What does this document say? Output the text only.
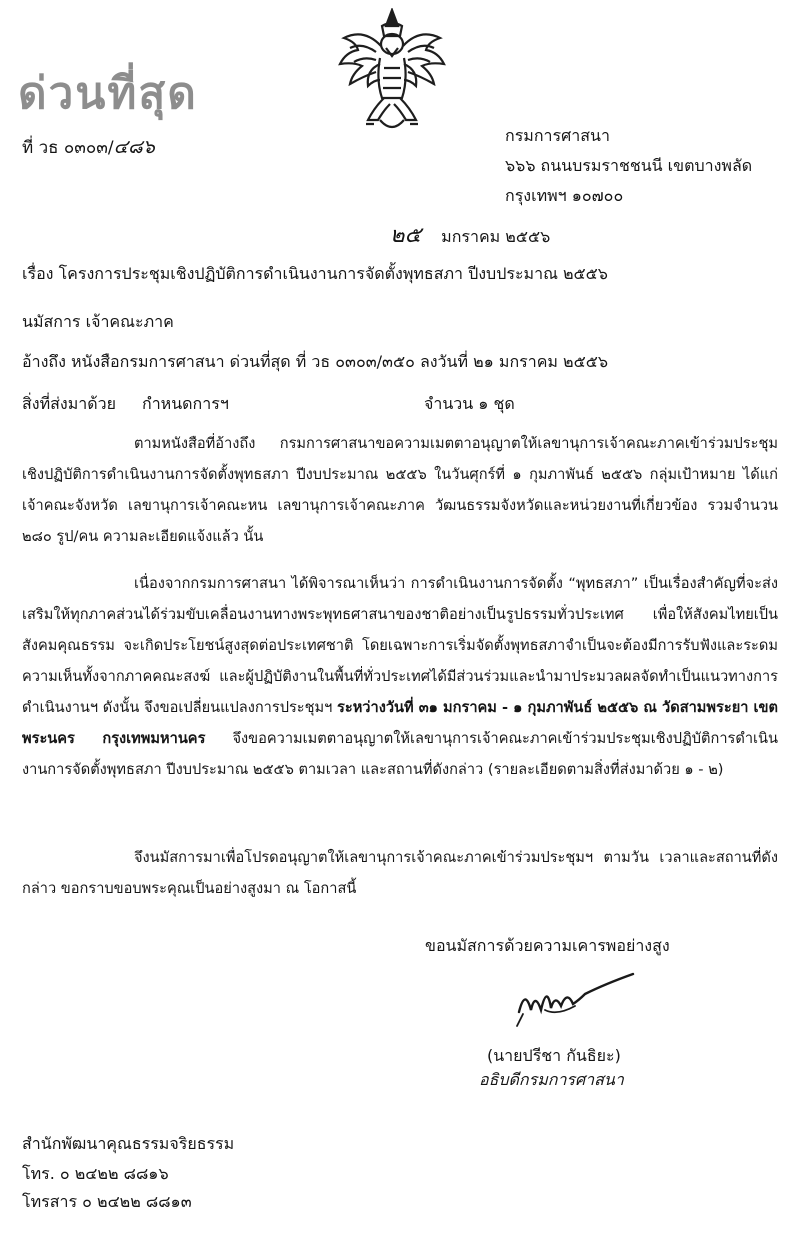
ด่วนที่สุด
ที่ วธ ๐๓๐๓/๔๘๖
กรมการศาสนา
๖๖๖ ถนนบรมราชชนนี เขตบางพลัด
กรุงเทพฯ ๑๐๗๐๐
๒๕ มกราคม ๒๕๕๖
เรื่อง โครงการประชุมเชิงปฏิบัติการดำเนินงานการจัดตั้งพุทธสภา ปีงบประมาณ ๒๕๕๖
นมัสการ เจ้าคณะภาค
อ้างถึง หนังสือกรมการศาสนา ด่วนที่สุด ที่ วธ ๐๓๐๓/๓๕๐ ลงวันที่ ๒๑ มกราคม ๒๕๕๖
สิ่งที่ส่งมาด้วย กำหนดการฯ	จำนวน ๑ ชุด

ตามหนังสือที่อ้างถึง กรมการศาสนาขอความเมตตาอนุญาตให้เลขานุการเจ้าคณะภาคเข้าร่วมประชุมเชิงปฏิบัติการดำเนินงานการจัดตั้งพุทธสภา ปีงบประมาณ ๒๕๕๖ ในวันศุกร์ที่ ๑ กุมภาพันธ์ ๒๕๕๖ กลุ่มเป้าหมาย ได้แก่ เจ้าคณะจังหวัด เลขานุการเจ้าคณะหน เลขานุการเจ้าคณะภาค วัฒนธรรมจังหวัดและหน่วยงานที่เกี่ยวข้อง รวมจำนวน ๒๘๐ รูป/คน ความละเอียดแจ้งแล้ว นั้น

เนื่องจากกรมการศาสนา ได้พิจารณาเห็นว่า การดำเนินงานการจัดตั้ง “พุทธสภา” เป็นเรื่องสำคัญที่จะส่งเสริมให้ทุกภาคส่วนได้ร่วมขับเคลื่อนงานทางพระพุทธศาสนาของชาติอย่างเป็นรูปธรรมทั่วประเทศ เพื่อให้สังคมไทยเป็นสังคมคุณธรรม จะเกิดประโยชน์สูงสุดต่อประเทศชาติ โดยเฉพาะการเริ่มจัดตั้งพุทธสภาจำเป็นจะต้องมีการรับฟังและระดมความเห็นทั้งจากภาคคณะสงฆ์ และผู้ปฏิบัติงานในพื้นที่ทั่วประเทศได้มีส่วนร่วมและนำมาประมวลผลจัดทำเป็นแนวทางการดำเนินงานฯ ดังนั้น จึงขอเปลี่ยนแปลงการประชุมฯ ระหว่างวันที่ ๓๑ มกราคม - ๑ กุมภาพันธ์ ๒๕๕๖ ณ วัดสามพระยา เขตพระนคร กรุงเทพมหานคร จึงขอความเมตตาอนุญาตให้เลขานุการเจ้าคณะภาคเข้าร่วมประชุมเชิงปฏิบัติการดำเนินงานการจัดตั้งพุทธสภา ปีงบประมาณ ๒๕๕๖ ตามเวลา และสถานที่ดังกล่าว (รายละเอียดตามสิ่งที่ส่งมาด้วย ๑ - ๒)

จึงนมัสการมาเพื่อโปรดอนุญาตให้เลขานุการเจ้าคณะภาคเข้าร่วมประชุมฯ ตามวัน เวลาและสถานที่ดังกล่าว ขอกราบขอบพระคุณเป็นอย่างสูงมา ณ โอกาสนี้

ขอนมัสการด้วยความเคารพอย่างสูง
(นายปรีชา กันธิยะ)
อธิบดีกรมการศาสนา
สำนักพัฒนาคุณธรรมจริยธรรม
โทร. ๐ ๒๔๒๒ ๘๘๑๖
โทรสาร ๐ ๒๔๒๒ ๘๘๑๓
